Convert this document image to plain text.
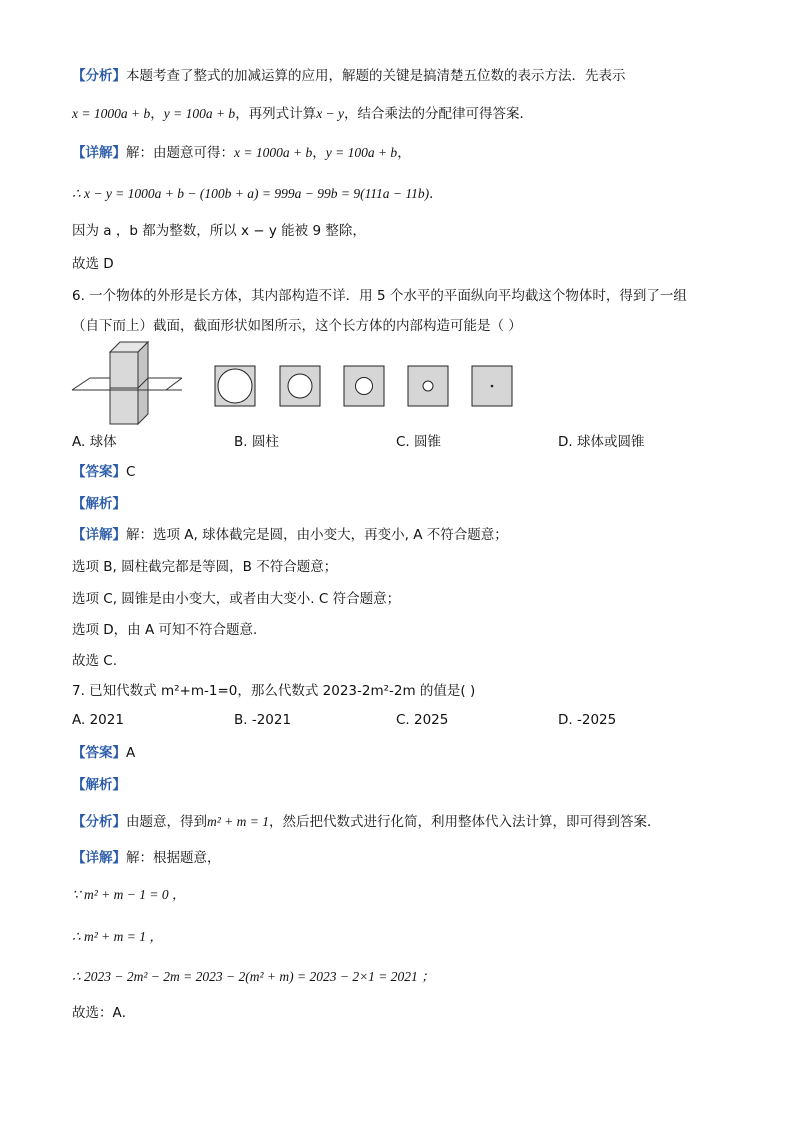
【分析】本题考查了整式的加减运算的应用，解题的关键是搞清楚五位数的表示方法．先表示
x = 1000a + b，y = 100a + b，再列式计算x − y，结合乘法的分配律可得答案．
【详解】解：由题意可得：x = 1000a + b，y = 100a + b，
∴ x − y = 1000a + b − (100b + a) = 999a − 99b = 9(111a − 11b)．
因为 a ，b 都为整数，所以 x − y 能被 9 整除，
故选 D
6. 一个物体的外形是长方体，其内部构造不详．用 5 个水平的平面纵向平均截这个物体时，得到了一组
（自下而上）截面，截面形状如图所示，这个长方体的内部构造可能是（ ）
A. 球体	B. 圆柱	C. 圆锥	D. 球体或圆锥
【答案】C
【解析】
【详解】解：选项 A, 球体截完是圆，由小变大，再变小, A 不符合题意；
选项 B, 圆柱截完都是等圆，B 不符合题意；
选项 C, 圆锥是由小变大，或者由大变小. C 符合题意；
选项 D，由 A 可知不符合题意.
故选 C.
7. 已知代数式 m²+m-1=0，那么代数式 2023-2m²-2m 的值是( )
A. 2021	B. -2021	C. 2025	D. -2025
【答案】A
【解析】
【分析】由题意，得到m² + m = 1，然后把代数式进行化简，利用整体代入法计算，即可得到答案．
【详解】解：根据题意，
∵ m² + m − 1 = 0 ，
∴ m² + m = 1 ，
∴ 2023 − 2m² − 2m = 2023 − 2(m² + m) = 2023 − 2×1 = 2021 ；
故选：A．
